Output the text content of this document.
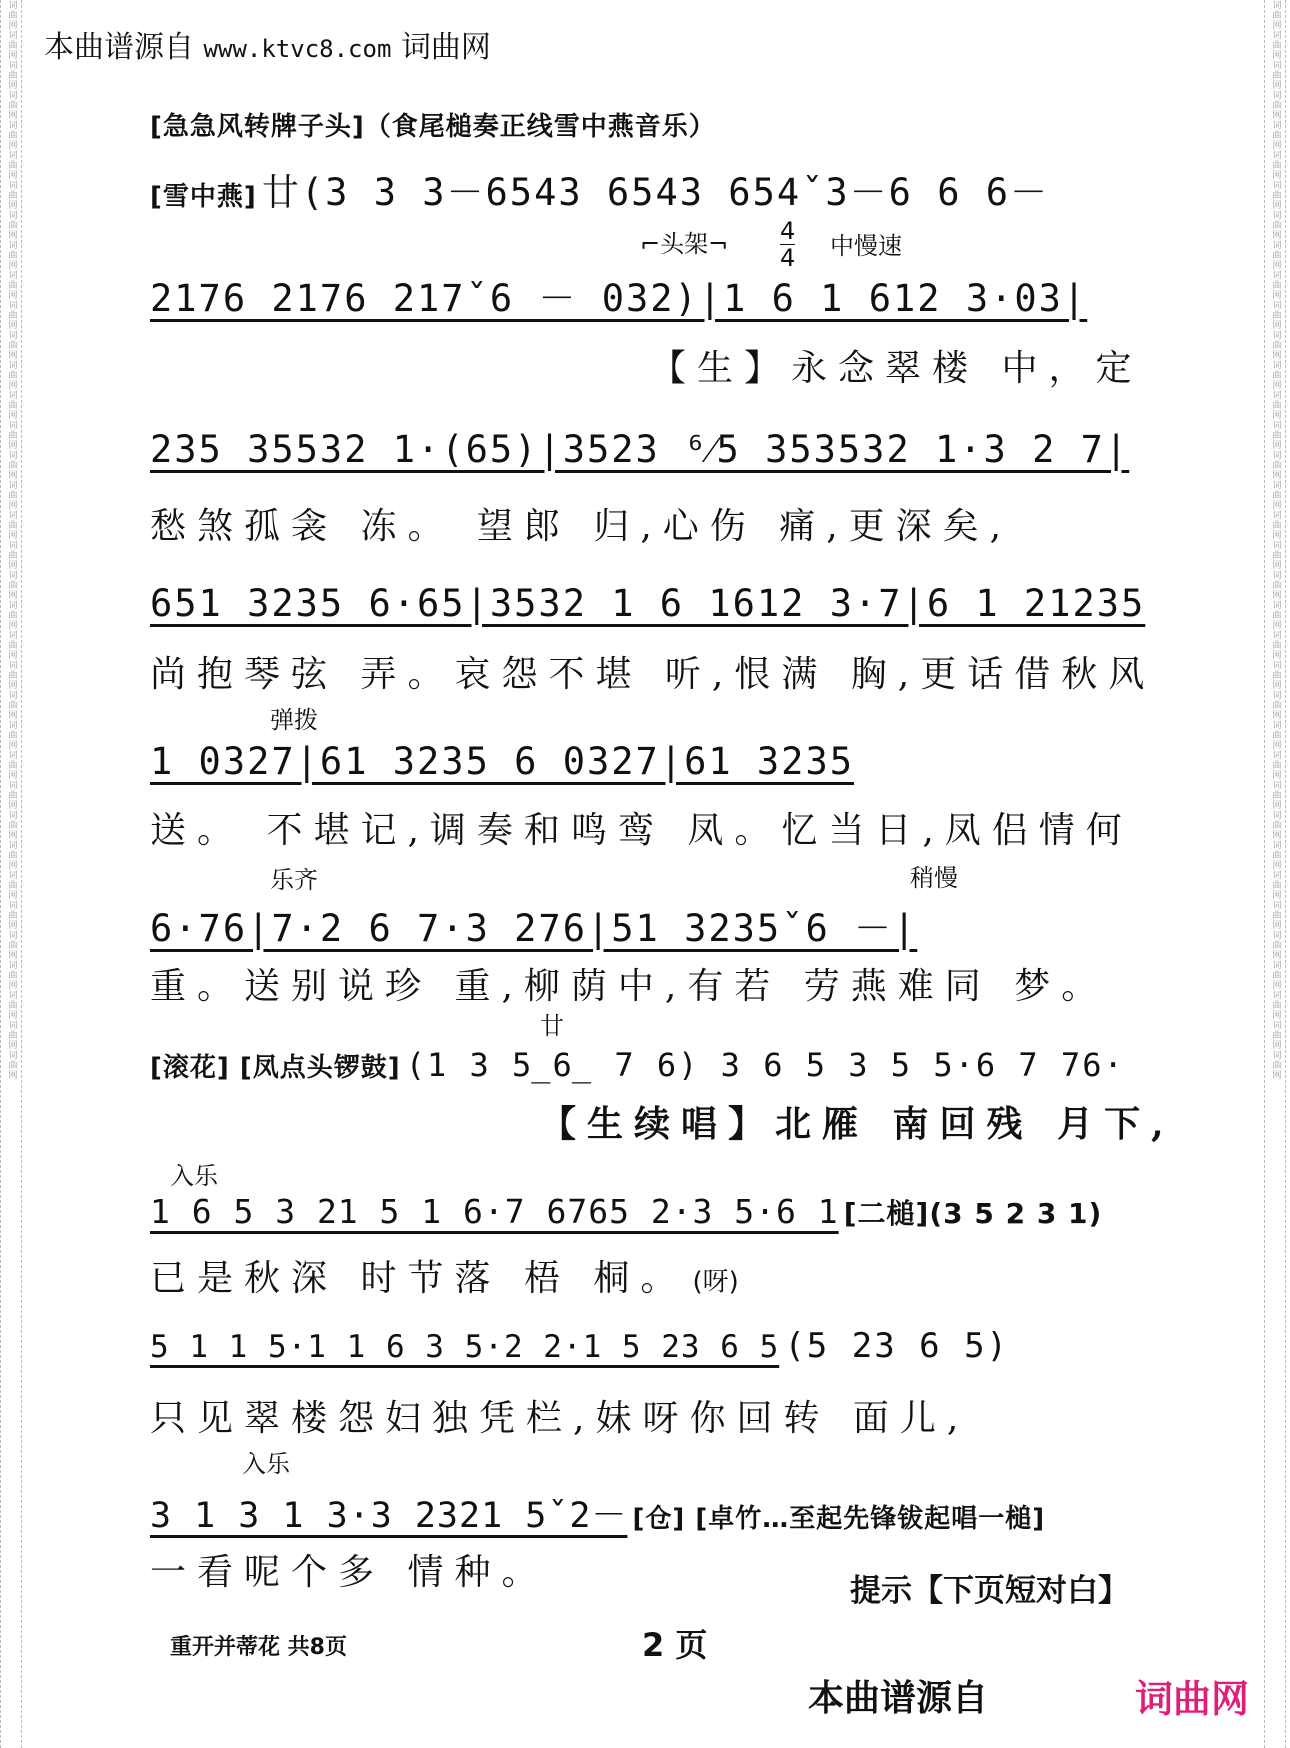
词曲网
词曲网
词曲网
词曲网
词曲网
词曲网
词曲网
词曲网
词曲网
词曲网
词曲网
词曲网
词曲网
词曲网
词曲网
词曲网
词曲网
词曲网
词曲网
词曲网
词曲网
词曲网
词曲网
词曲网
词曲网
词曲网
词曲网
词曲网
词曲网
词曲网
词曲网
词曲网
词曲网
词曲网
词曲网
词曲网
词曲网
词曲网
词曲网
词曲网
词曲网
词曲网
词曲网
词曲网
词曲网
词曲网
词曲网
词曲网
词曲网
词曲网
词曲网
词曲网
词曲网
词曲网
词曲网
词曲网
词曲网
词曲网
词曲网
词曲网
词曲网
词曲网
词曲网
词曲网
词曲网
词曲网
词曲网
词曲网
词曲网
词曲网
词曲网
词曲网
本曲谱源自 www.ktvc8.com 词曲网
[急急风转牌子头]（食尾槌奏正线雪中燕音乐）
[雪中燕] 廿(3 3 3－6543 6543 654ˇ3－6 6 6－
⌐头架¬ 4
4 中慢速
2176 2176 217ˇ6 － 032)|1 6 1 612 3·03|
【生】永念翠楼 中，定
235 35532 1·(65)|3523 ⁶⁄5 353532 1·3 2 7|
愁煞孤衾 冻。 望郎 归,心伤 痛,更深矣,
651 3235 6·65|3532 1 6 1612 3·7|6 1 21235
尚抱琴弦 弄。哀怨不堪 听,恨满 胸,更话借秋风
弹拨
1 0327|61 3235 6 0327|61 3235
送。 不堪记,调奏和鸣鸾 凤。忆当日,凤侣情何
乐齐	稍慢
6·76|7·2 6 7·3 276|51 3235ˇ6 －|
重。送别说珍 重,柳荫中,有若 劳燕难同 梦。
廿
[滚花] [凤点头锣鼓] (1 3 5̲6̲ 7 6) 3 6 5 3 5 5·6 7 76·
【生续唱】北雁 南回残 月下,
入乐
1 6 5 3 21 5 1 6·7 6765 2·3 5·6 1 [二槌](3 5 2 3 1)
已是秋深 时节落 梧 桐。 (呀)
5 1 1 5·1 1 6 3 5·2 2·1 5 23 6 5 (5 23 6 5)
只见翠楼怨妇独凭栏,妹呀你回转 面儿,
入乐
3 1 3 1 3·3 2321 5ˇ2－ [仓] [卓竹…至起先锋钹起唱一槌]
一看呢个多 情种。	提示【下页短对白】
重开并蒂花 共8页	2 页
本曲谱源自	词曲网
